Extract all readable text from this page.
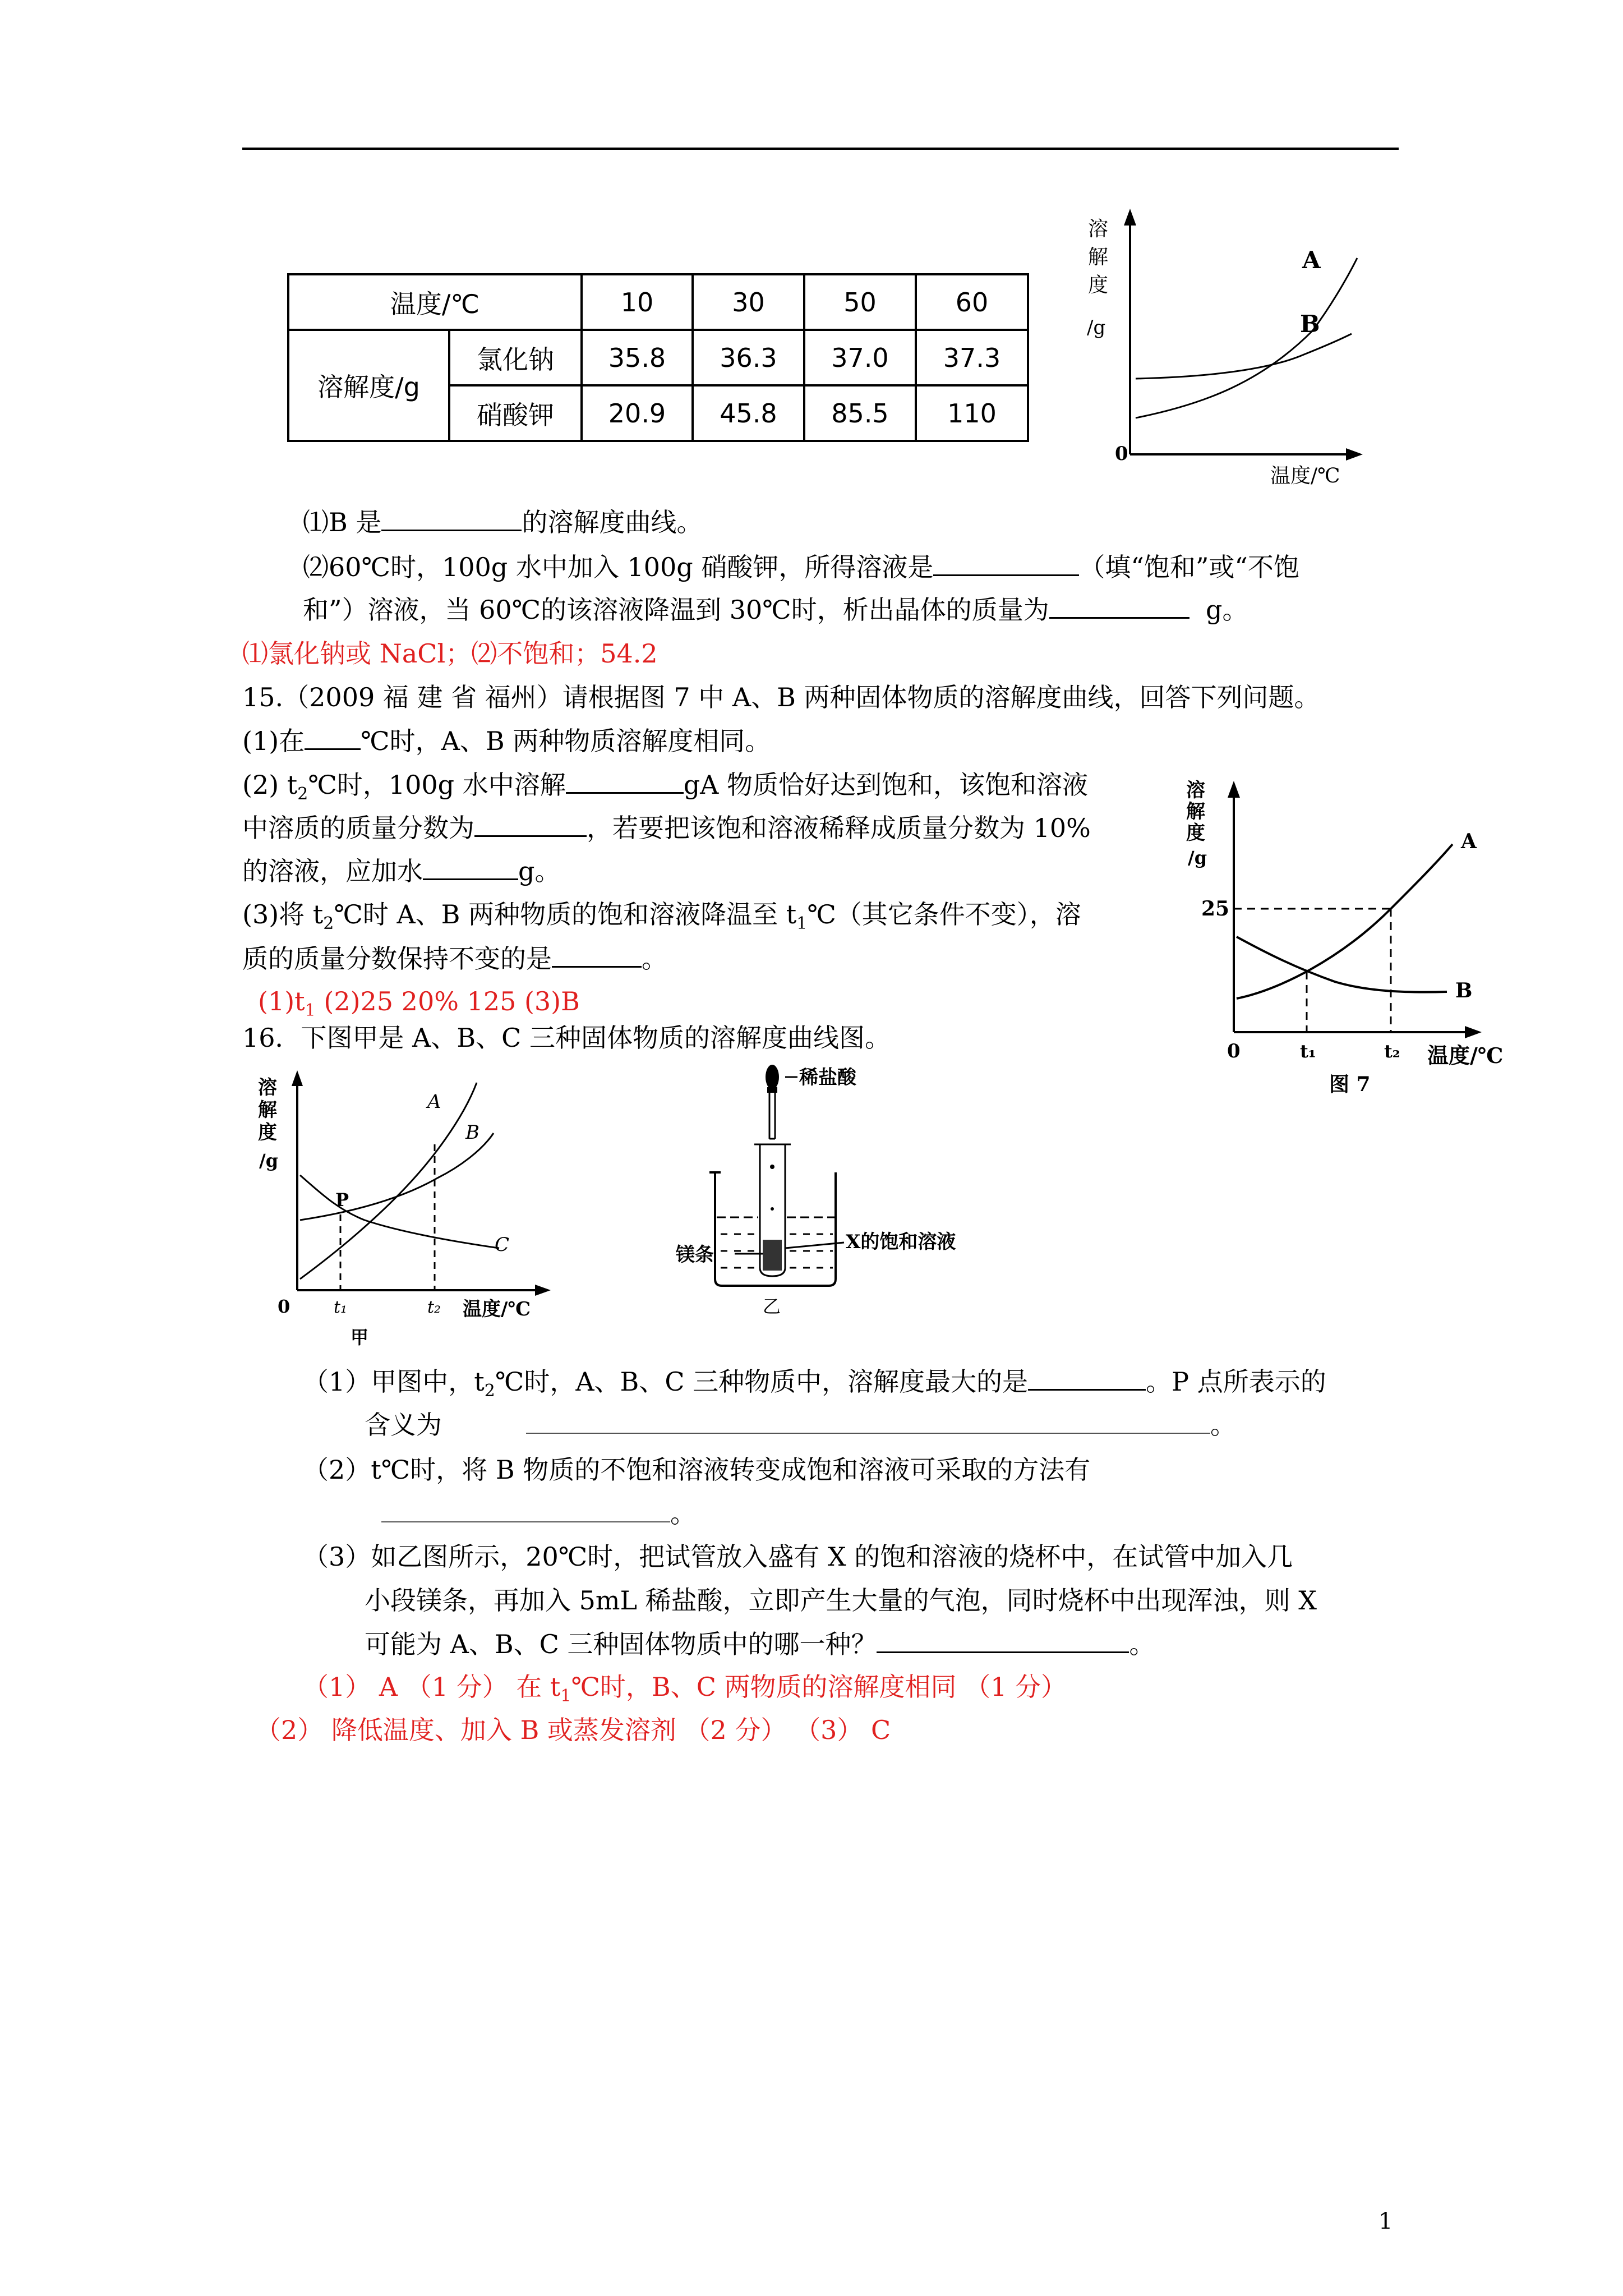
温度/℃		10	30	50	60
溶解度/g	氯化钠	35.8	36.3	37.0	37.3
	硝酸钾	20.9	45.8	85.5	110
溶
解
度
/g
0
温度/℃
A
B
⑴B 是	的溶解度曲线。
⑵60℃时，100g 水中加入 100g 硝酸钾，所得溶液是	（填“饱和”或“不饱
和”）溶液，当 60℃的该溶液降温到 30℃时，析出晶体的质量为	g。
⑴氯化钠或 NaCl；⑵不饱和；54.2
15.（2009 福 建 省 福州）请根据图 7 中 A、B 两种固体物质的溶解度曲线，回答下列问题。
(1)在 ℃时，A、B 两种物质溶解度相同。
(2) $t_2℃$时，100g 水中溶解	gA 物质恰好达到饱和，该饱和溶液
中溶质的质量分数为	，若要把该饱和溶液稀释成质量分数为 10%
的溶液，应加水	g。
(3)将 $t_2℃$时 A、B 两种物质的饱和溶液降温至 $t_1℃$（其它条件不变），溶
质的质量分数保持不变的是	。
$(1)t_1$ (2)25 20% 125 (3)B
溶
解
度
/g
25
0	t₁	t₂ 温度/℃
图 7
A
B
16．下图甲是 A、B、C 三种固体物质的溶解度曲线图。
溶
解
度
/g
0	t₁	t₂ 温度/℃
甲
P
A
B
C
稀盐酸
镁条
X的饱和溶液
乙
（1）甲图中，$t_2℃$时，A、B、C 三种物质中，溶解度最大的是	。P 点所表示的
含义为	。
（2）t℃时，将 B 物质的不饱和溶液转变成饱和溶液可采取的方法有
。
（3）如乙图所示，20℃时，把试管放入盛有 X 的饱和溶液的烧杯中，在试管中加入几
小段镁条，再加入 5mL 稀盐酸，立即产生大量的气泡，同时烧杯中出现浑浊，则 X
可能为 A、B、C 三种固体物质中的哪一种？	。
（1） A （1 分） 在 $t_1℃$时，B、C 两物质的溶解度相同 （1 分）
（2） 降低温度、加入 B 或蒸发溶剂 （2 分） （3） C
1
